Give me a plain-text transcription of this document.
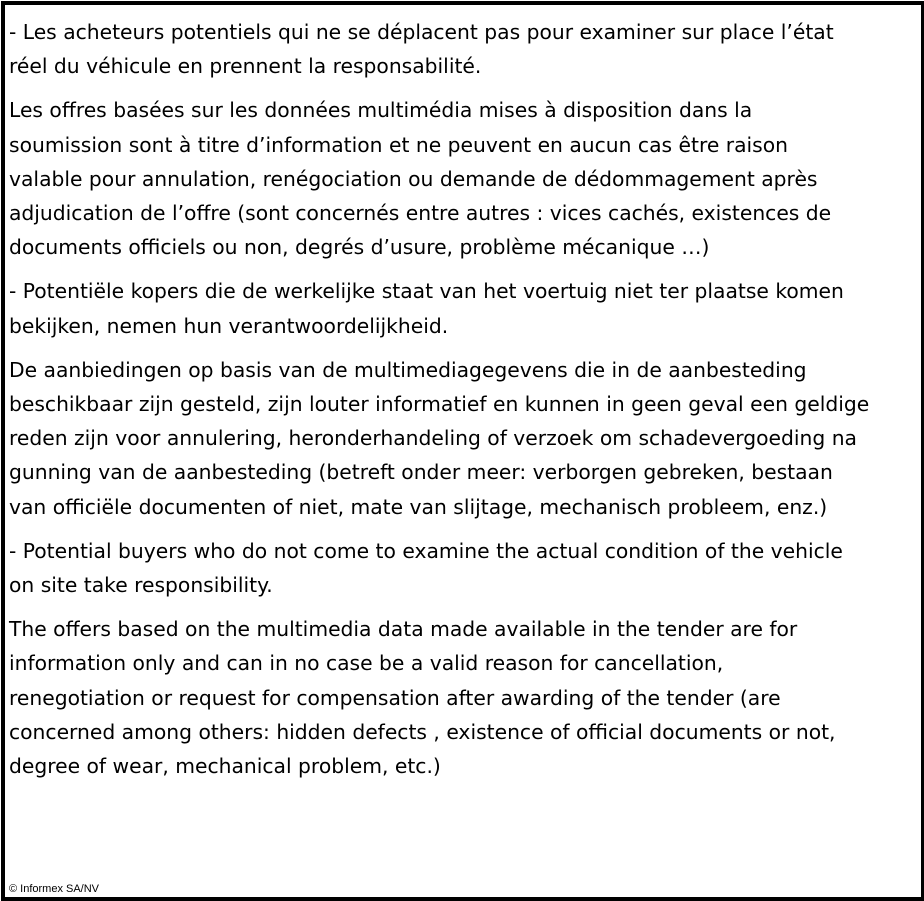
- Les acheteurs potentiels qui ne se déplacent pas pour examiner sur place l’état
réel du véhicule en prennent la responsabilité.

Les offres basées sur les données multimédia mises à disposition dans la
soumission sont à titre d’information et ne peuvent en aucun cas être raison
valable pour annulation, renégociation ou demande de dédommagement après
adjudication de l’offre (sont concernés entre autres : vices cachés, existences de
documents officiels ou non, degrés d’usure, problème mécanique …)

- Potentiële kopers die de werkelijke staat van het voertuig niet ter plaatse komen
bekijken, nemen hun verantwoordelijkheid.

De aanbiedingen op basis van de multimediagegevens die in de aanbesteding
beschikbaar zijn gesteld, zijn louter informatief en kunnen in geen geval een geldige
reden zijn voor annulering, heronderhandeling of verzoek om schadevergoeding na
gunning van de aanbesteding (betreft onder meer: verborgen gebreken, bestaan
van officiële documenten of niet, mate van slijtage, mechanisch probleem, enz.)

- Potential buyers who do not come to examine the actual condition of the vehicle
on site take responsibility.

The offers based on the multimedia data made available in the tender are for
information only and can in no case be a valid reason for cancellation,
renegotiation or request for compensation after awarding of the tender (are
concerned among others: hidden defects , existence of official documents or not,
degree of wear, mechanical problem, etc.)

© Informex SA/NV
